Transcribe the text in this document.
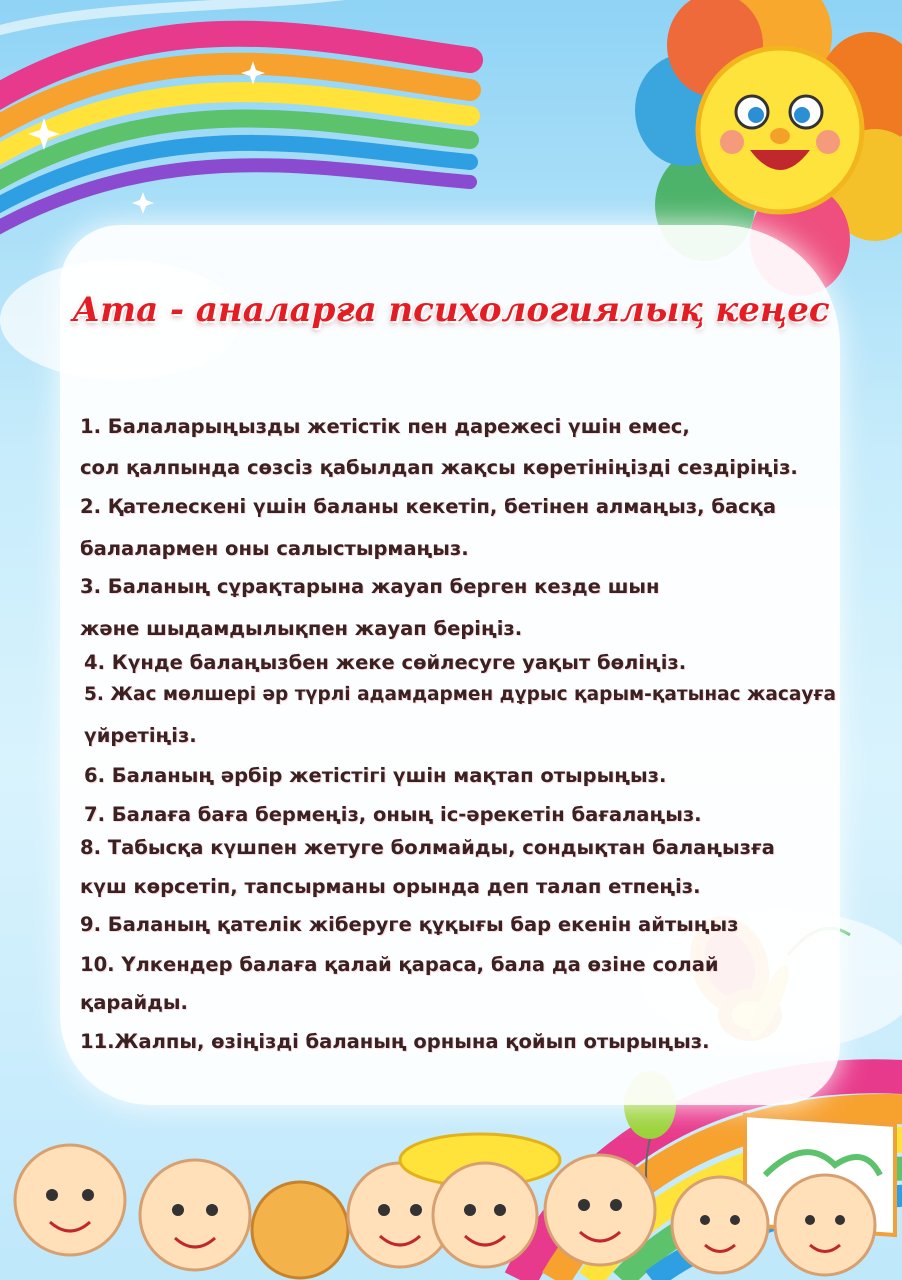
Ата - аналарға психологиялық кеңес

1. Балаларыңызды жетістік пен дарежесі үшін емес,

сол қалпында сөзсіз қабылдап жақсы көретініңізді сездіріңіз.

2. Қателескені үшін баланы кекетіп, бетінен алмаңыз, басқа

балалармен оны салыстырмаңыз.

3. Баланың сұрақтарына жауап берген кезде шын

және шыдамдылықпен жауап беріңіз.

4. Күнде балаңызбен жеке сөйлесуге уақыт бөліңіз.

5. Жас мөлшері әр түрлі адамдармен дұрыс қарым-қатынас жасауға

үйретіңіз.

6. Баланың әрбір жетістігі үшін мақтап отырыңыз.

7. Балаға баға бермеңіз, оның іс-әрекетін бағалаңыз.

8. Табысқа күшпен жетуге болмайды, сондықтан балаңызға

күш көрсетіп, тапсырманы орында деп талап етпеңіз.

9. Баланың қателік жіберуге құқығы бар екенін айтыңыз

10. Үлкендер балаға қалай қараса, бала да өзіне солай

қарайды.

11.Жалпы, өзіңізді баланың орнына қойып отырыңыз.
